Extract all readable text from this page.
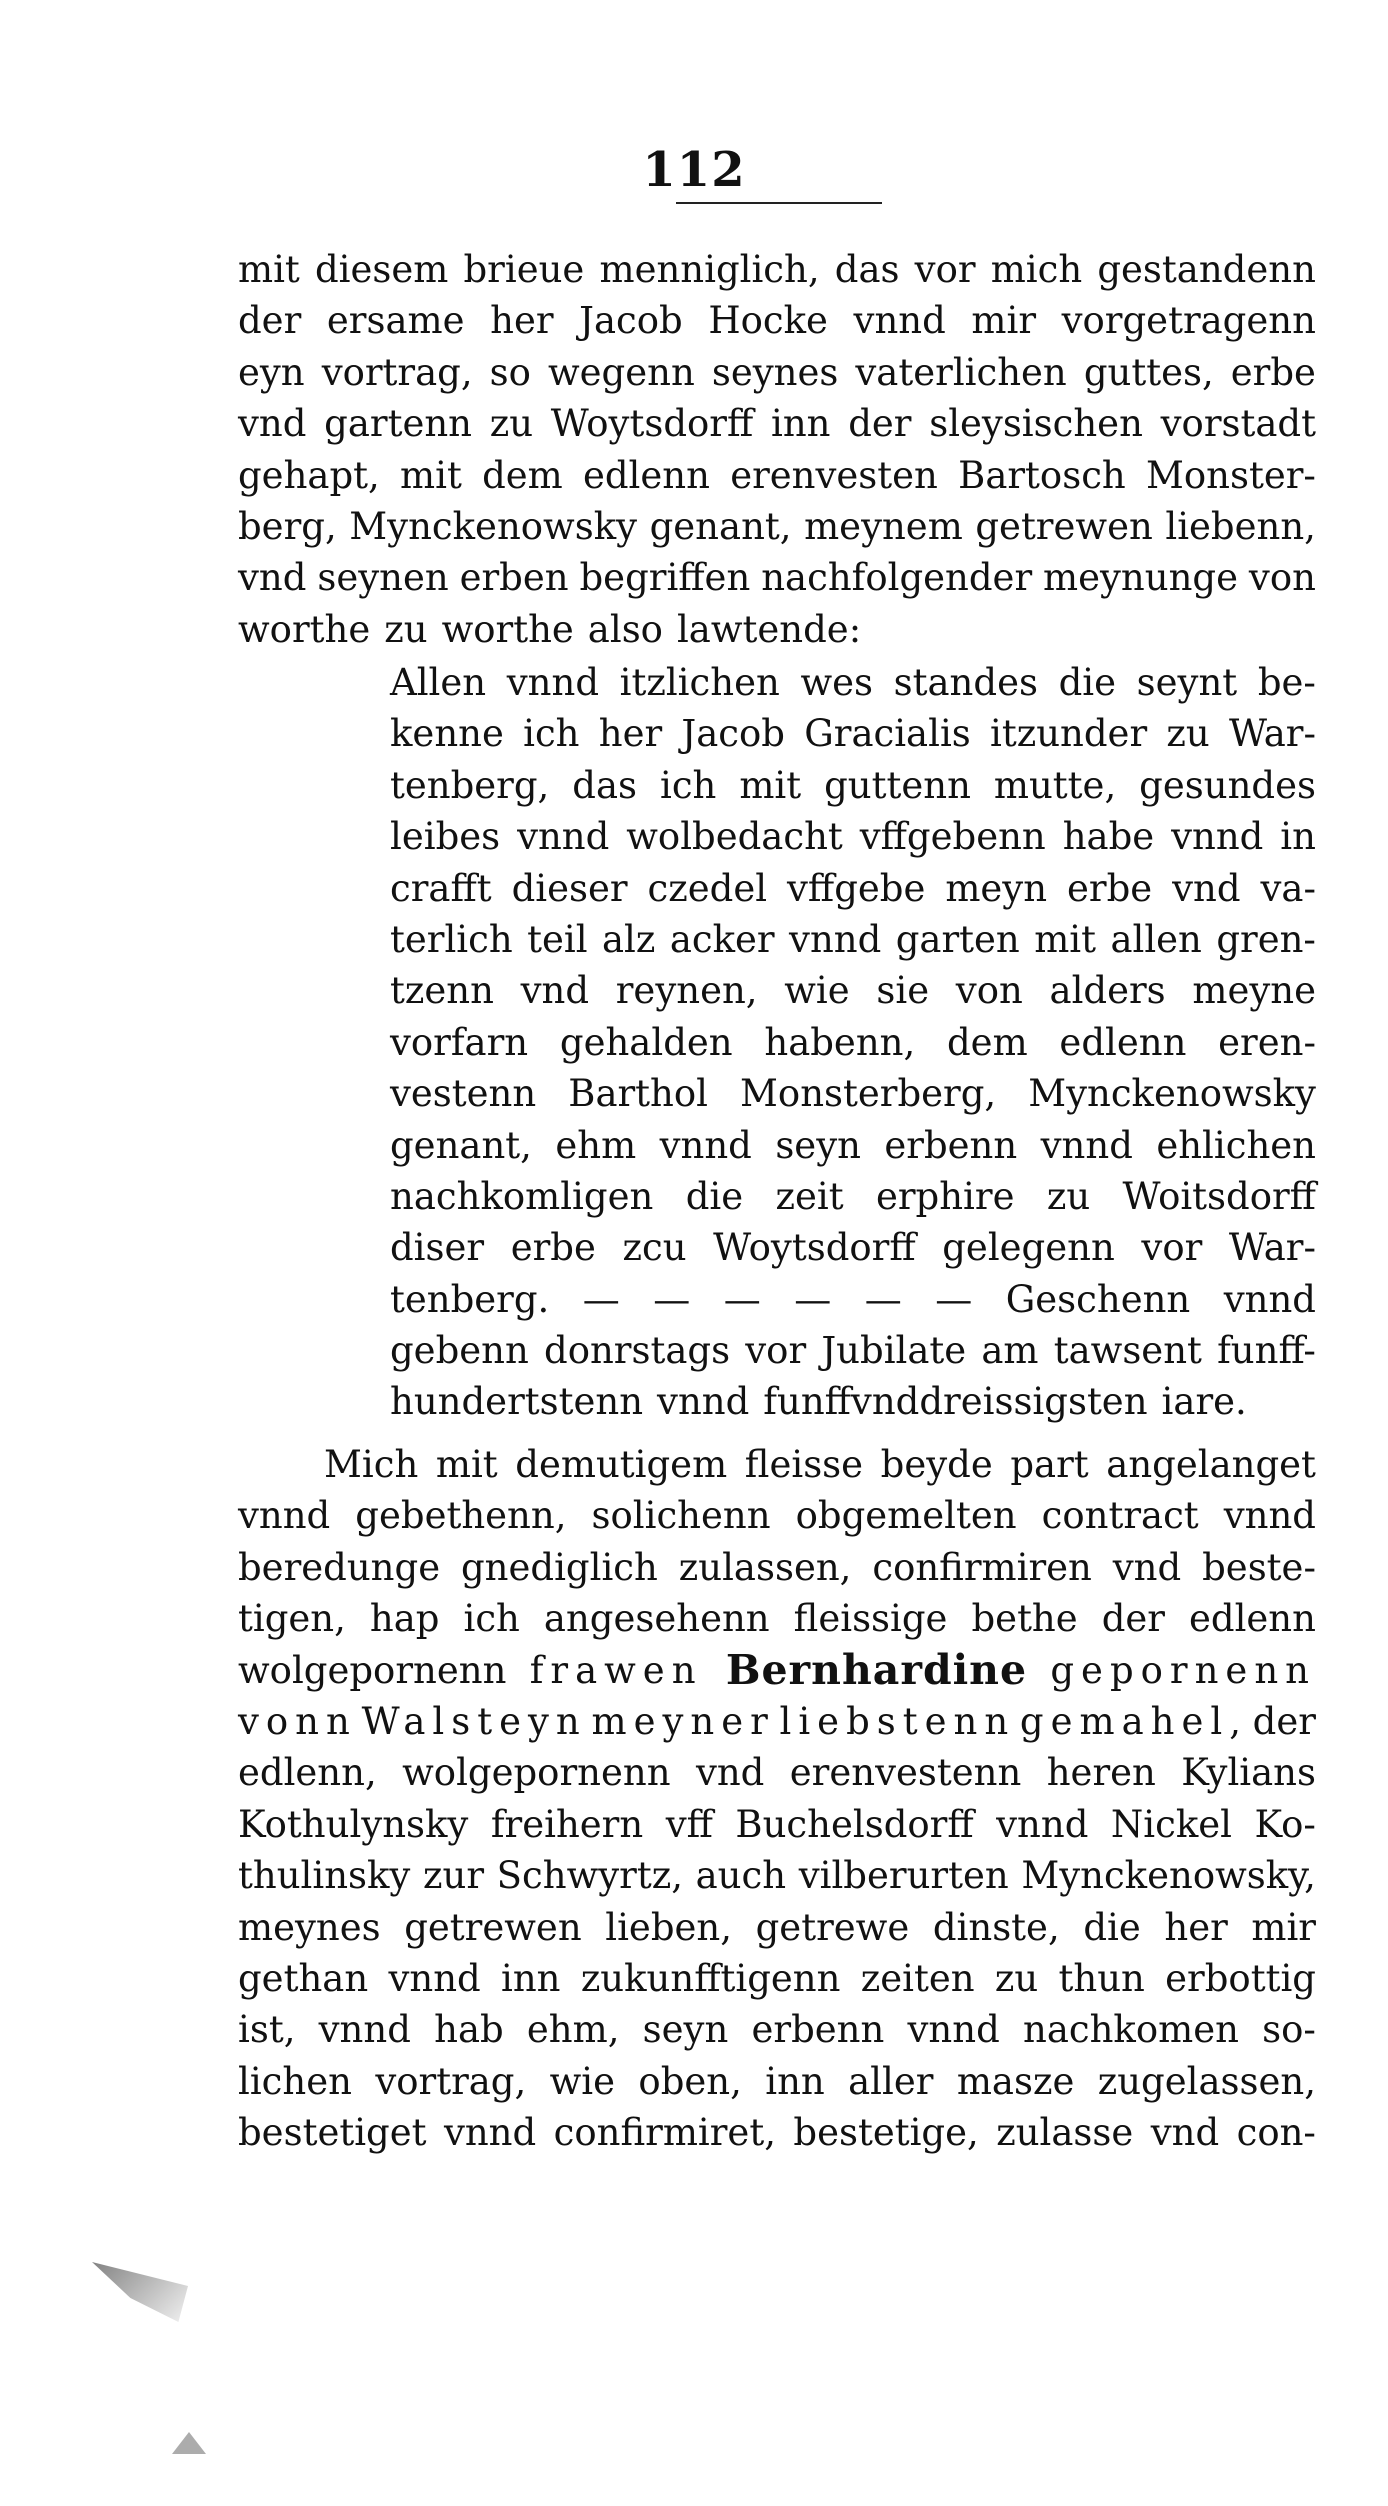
112
mit diesem brieue menniglich, das vor mich gestandenn
der ersame her Jacob Hocke vnnd mir vorgetragenn
eyn vortrag, so wegenn seynes vaterlichen guttes, erbe
vnd gartenn zu Woytsdorff inn der sleysischen vorstadt
gehapt, mit dem edlenn erenvesten Bartosch Monster-
berg, Mynckenowsky genant, meynem getrewen liebenn,
vnd seynen erben begriffen nachfolgender meynunge von
worthe zu worthe also lawtende:
Allen vnnd itzlichen wes standes die seynt be-
kenne ich her Jacob Gracialis itzunder zu War-
tenberg, das ich mit guttenn mutte, gesundes
leibes vnnd wolbedacht vffgebenn habe vnnd in
crafft dieser czedel vffgebe meyn erbe vnd va-
terlich teil alz acker vnnd garten mit allen gren-
tzenn vnd reynen, wie sie von alders meyne
vorfarn gehalden habenn, dem edlenn eren-
vestenn Barthol Monsterberg, Mynckenowsky
genant, ehm vnnd seyn erbenn vnnd ehlichen
nachkomligen die zeit erphire zu Woitsdorff
diser erbe zcu Woytsdorff gelegenn vor War-
tenberg. — — — — — — Geschenn vnnd
gebenn donrstags vor Jubilate am tawsent funff-
hundertstenn vnnd funffvnddreissigsten iare.
Mich mit demutigem fleisse beyde part angelanget
vnnd gebethenn, solichenn obgemelten contract vnnd
beredunge gnediglich zulassen, confirmiren vnd beste-
tigen, hap ich angesehenn fleissige bethe der edlenn
wolgepornenn frawen Bernhardine gepornenn
vonn Walsteyn meyner liebstenn gemahel, der
edlenn, wolgepornenn vnd erenvestenn heren Kylians
Kothulynsky freihern vff Buchelsdorff vnnd Nickel Ko-
thulinsky zur Schwyrtz, auch vilberurten Mynckenowsky,
meynes getrewen lieben, getrewe dinste, die her mir
gethan vnnd inn zukunfftigenn zeiten zu thun erbottig
ist, vnnd hab ehm, seyn erbenn vnnd nachkomen so-
lichen vortrag, wie oben, inn aller masze zugelassen,
bestetiget vnnd confirmiret, bestetige, zulasse vnd con-
